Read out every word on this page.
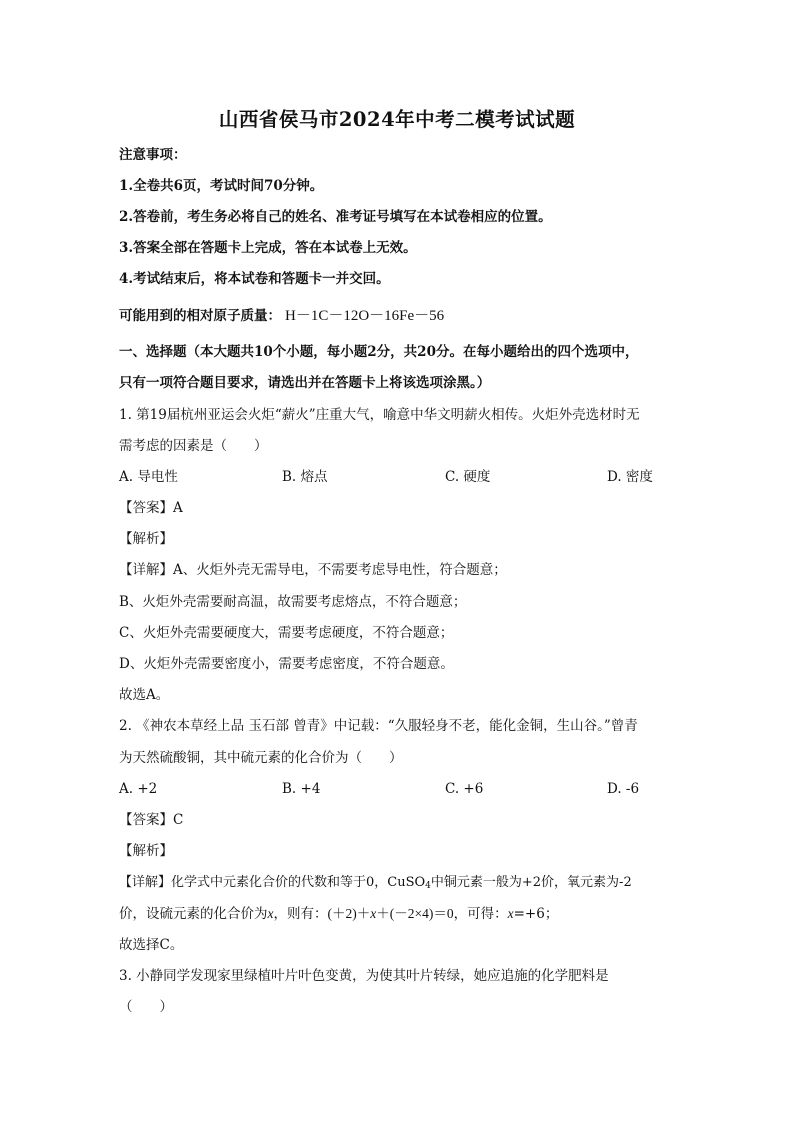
山西省侯马市2024年中考二模考试试题
注意事项：
1.全卷共6页，考试时间70分钟。
2.答卷前，考生务必将自己的姓名、准考证号填写在本试卷相应的位置。
3.答案全部在答题卡上完成，答在本试卷上无效。
4.考试结束后，将本试卷和答题卡一并交回。
可能用到的相对原子质量： H－1C－12O－16Fe－56
一、选择题（本大题共10个小题，每小题2分，共20分。在每小题给出的四个选项中，
只有一项符合题目要求，请选出并在答题卡上将该选项涂黑。）
1. 第19届杭州亚运会火炬“薪火”庄重大气，喻意中华文明薪火相传。火炬外壳选材时无
需考虑的因素是（　　）
A. 导电性	B. 熔点	C. 硬度	D. 密度
【答案】A
【解析】
【详解】A、火炬外壳无需导电，不需要考虑导电性，符合题意；
B、火炬外壳需要耐高温，故需要考虑熔点，不符合题意；
C、火炬外壳需要硬度大，需要考虑硬度，不符合题意；
D、火炬外壳需要密度小，需要考虑密度，不符合题意。
故选A。
2. 《神农本草经上品 玉石部 曾青》中记载：“久服轻身不老，能化金铜，生山谷。”曾青
为天然硫酸铜，其中硫元素的化合价为（　　）
A. +2	B. +4	C. +6	D. -6
【答案】C
【解析】
【详解】化学式中元素化合价的代数和等于0，CuSO$_4$中铜元素一般为+2价，氧元素为-2
价，设硫元素的化合价为x，则有：(＋2)＋x＋(－2×4)＝0，可得：x=+6；
故选择C。
3. 小静同学发现家里绿植叶片叶色变黄，为使其叶片转绿，她应追施的化学肥料是
（　　）
